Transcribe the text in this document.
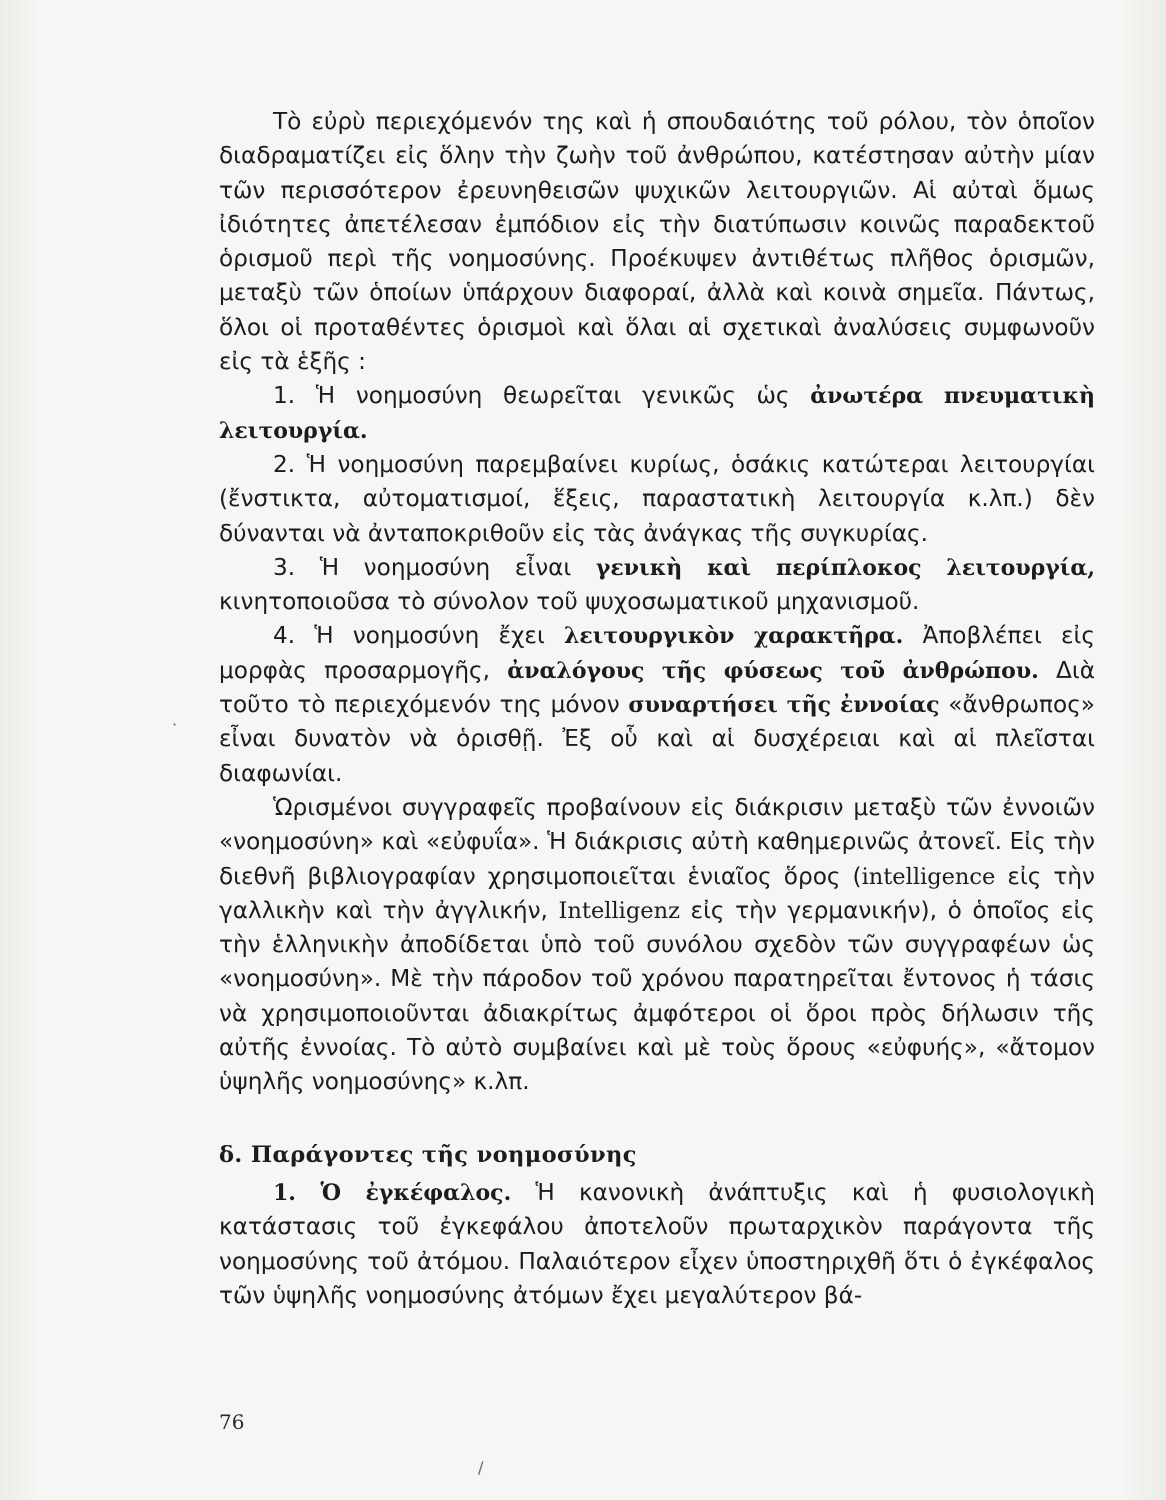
Τὸ εὐρὺ περιεχόμενόν της καὶ ἡ σπουδαιότης τοῦ ρόλου, τὸν ὁποῖον διαδραματίζει εἰς ὅλην τὴν ζωὴν τοῦ ἀνθρώπου, κατέστησαν αὐτὴν μίαν τῶν περισσότερον ἐρευνηθεισῶν ψυχικῶν λειτουργιῶν. Αἱ αὐταὶ ὅμως ἰδιότητες ἀπετέλεσαν ἐμπόδιον εἰς τὴν διατύπωσιν κοινῶς παραδεκτοῦ ὁρισμοῦ περὶ τῆς νοημοσύνης. Προέκυψεν ἀντιθέτως πλῆθος ὁρισμῶν, μεταξὺ τῶν ὁποίων ὑπάρχουν διαφοραί, ἀλλὰ καὶ κοινὰ σημεῖα. Πάντως, ὅλοι οἱ προταθέντες ὁρισμοὶ καὶ ὅλαι αἱ σχετικαὶ ἀναλύσεις συμφωνοῦν εἰς τὰ ἑξῆς :

1. Ἡ νοημοσύνη θεωρεῖται γενικῶς ὡς ἀνωτέρα πνευματικὴ λειτουργία.

2. Ἡ νοημοσύνη παρεμβαίνει κυρίως, ὁσάκις κατώτεραι λειτουργίαι (ἔνστικτα, αὐτοματισμοί, ἕξεις, παραστατικὴ λειτουργία κ.λπ.) δὲν δύνανται νὰ ἀνταποκριθοῦν εἰς τὰς ἀνάγκας τῆς συγκυρίας.

3. Ἡ νοημοσύνη εἶναι γενικὴ καὶ περίπλοκος λειτουργία, κινητοποιοῦσα τὸ σύνολον τοῦ ψυχοσωματικοῦ μηχανισμοῦ.

4. Ἡ νοημοσύνη ἔχει λειτουργικὸν χαρακτῆρα. Ἀποβλέπει εἰς μορφὰς προσαρμογῆς, ἀναλόγους τῆς φύσεως τοῦ ἀνθρώπου. Διὰ τοῦτο τὸ περιεχόμενόν της μόνον συναρτήσει τῆς ἐννοίας «ἄνθρωπος» εἶναι δυνατὸν νὰ ὁρισθῇ. Ἐξ οὗ καὶ αἱ δυσχέρειαι καὶ αἱ πλεῖσται διαφωνίαι.

Ὡρισμένοι συγγραφεῖς προβαίνουν εἰς διάκρισιν μεταξὺ τῶν ἐννοιῶν «νοημοσύνη» καὶ «εὐφυΐα». Ἡ διάκρισις αὐτὴ καθημερινῶς ἀτονεῖ. Εἰς τὴν διεθνῆ βιβλιογραφίαν χρησιμοποιεῖται ἑνιαῖος ὅρος (intelligence εἰς τὴν γαλλικὴν καὶ τὴν ἀγγλικήν, Intelligenz εἰς τὴν γερμανικήν), ὁ ὁποῖος εἰς τὴν ἑλληνικὴν ἀποδίδεται ὑπὸ τοῦ συνόλου σχεδὸν τῶν συγγραφέων ὡς «νοημοσύνη». Μὲ τὴν πάροδον τοῦ χρόνου παρατηρεῖται ἔντονος ἡ τάσις νὰ χρησιμοποιοῦνται ἀδιακρίτως ἀμφότεροι οἱ ὅροι πρὸς δήλωσιν τῆς αὐτῆς ἐννοίας. Τὸ αὐτὸ συμβαίνει καὶ μὲ τοὺς ὅρους «εὐφυής», «ἄτομον ὑψηλῆς νοημοσύνης» κ.λπ.

δ. Παράγοντες τῆς νοημοσύνης

1. Ὁ ἐγκέφαλος. Ἡ κανονικὴ ἀνάπτυξις καὶ ἡ φυσιολογικὴ κατάστασις τοῦ ἐγκεφάλου ἀποτελοῦν πρωταρχικὸν παράγοντα τῆς νοημοσύνης τοῦ ἀτόμου. Παλαιότερον εἶχεν ὑποστηριχθῆ ὅτι ὁ ἐγκέφαλος τῶν ὑψηλῆς νοημοσύνης ἀτόμων ἔχει μεγαλύτερον βά-

76
/
·
